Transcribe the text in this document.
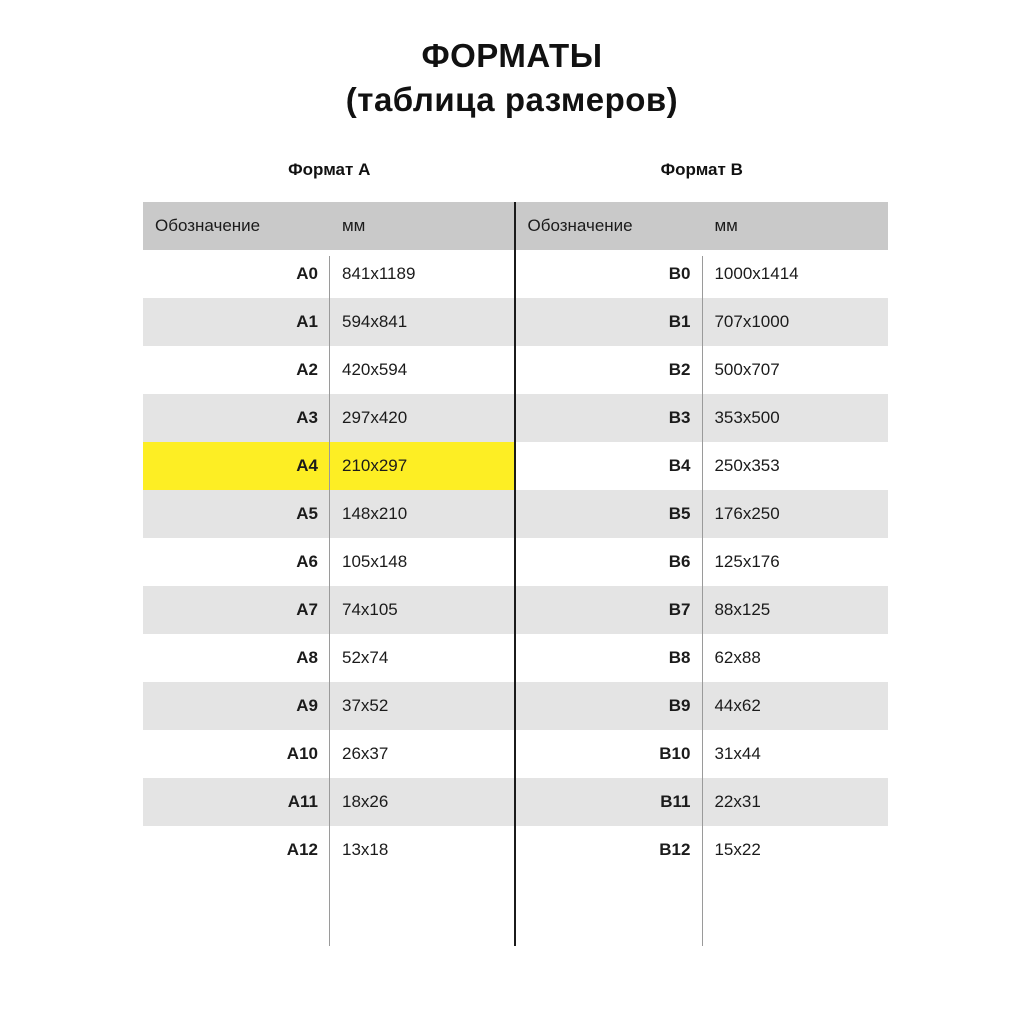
ФОРМАТЫ
(таблица размеров)
Формат А	Формат B
Обозначение	мм	Обозначение	мм
A0	841x1189	B0	1000x1414
A1	594x841	B1	707x1000
A2	420x594	B2	500x707
A3	297x420	B3	353x500
A4	210x297	B4	250x353
A5	148x210	B5	176x250
A6	105x148	B6	125x176
A7	74x105	B7	88x125
A8	52x74	B8	62x88
A9	37x52	B9	44x62
A10	26x37	B10	31x44
A11	18x26	B11	22x31
A12	13x18	B12	15x22
